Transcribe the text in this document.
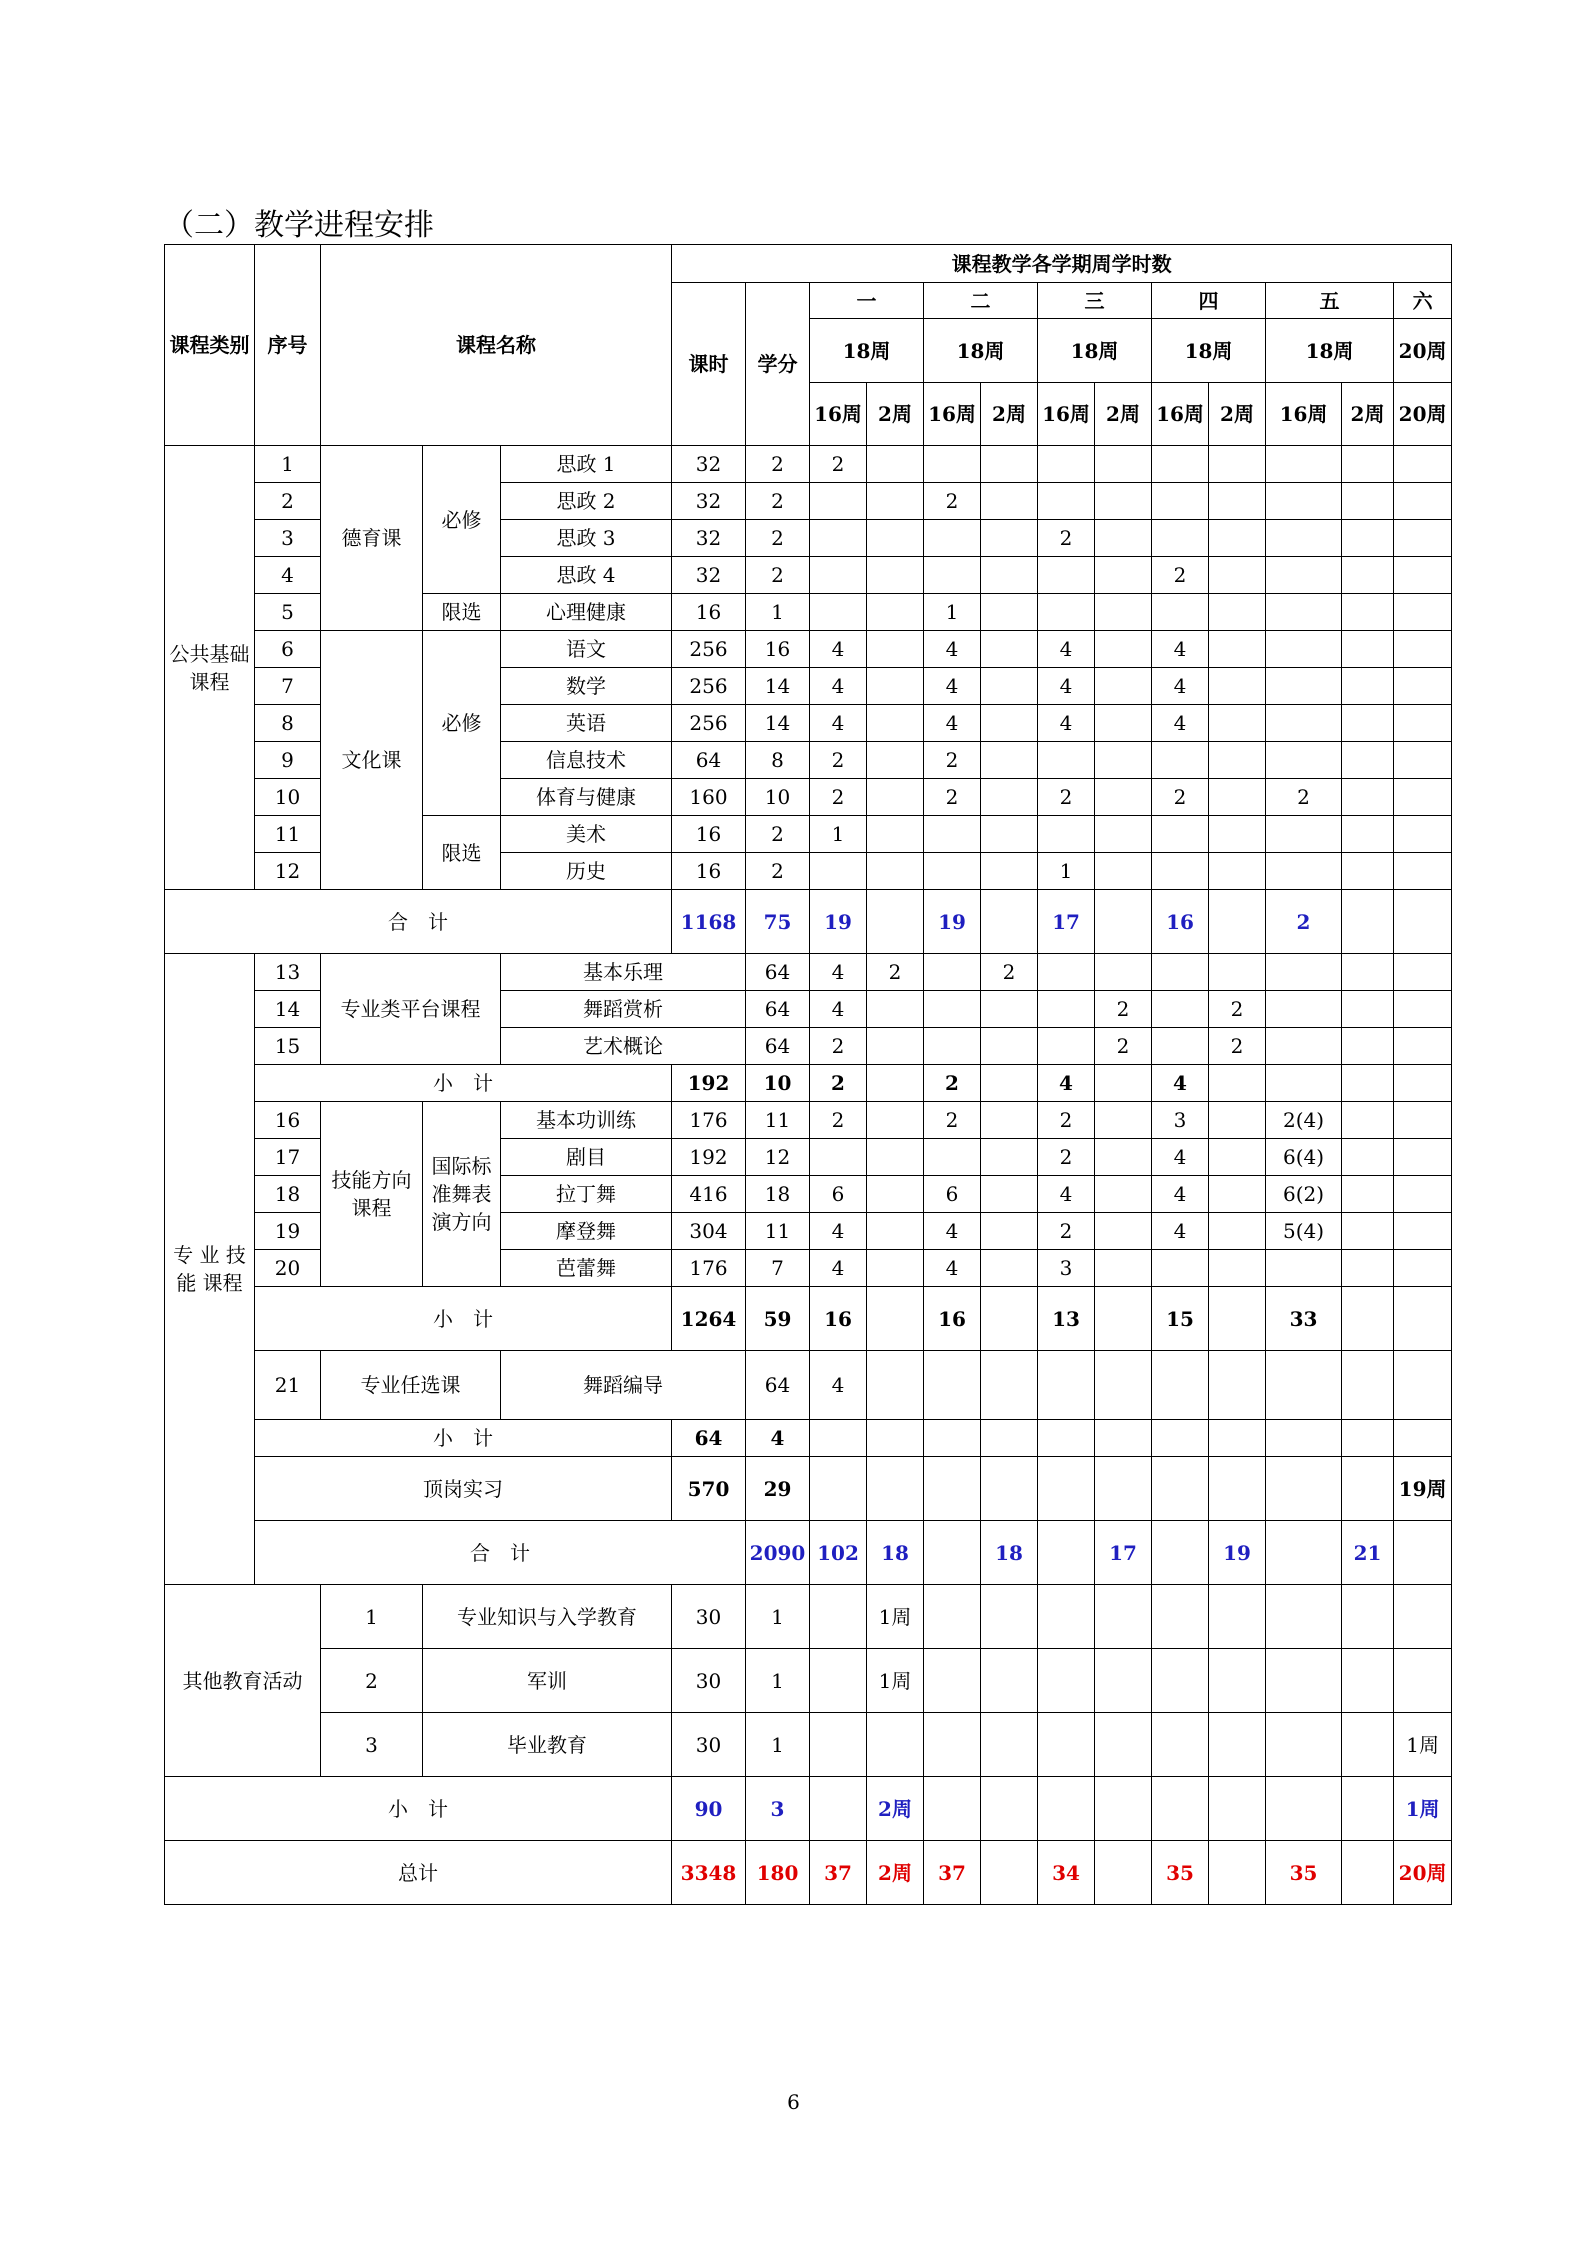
（二）教学进程安排
课程类别	序号	课程名称			课程教学各学期周学时数													
					课时	学分	一		二		三		四		五		六	
							18周		18周		18周		18周		18周		20周	
							16周	2周	16周	2周	16周	2周	16周	2周	16周	2周	20周	
公共基础课程	1	德育课	必修	思政 1	32	2	2											
	2			思政 2	32	2			2									
	3			思政 3	32	2					2							
	4			思政 4	32	2							2					
	5		限选	心理健康	16	1			1									
	6	文化课	必修	语文	256	16	4		4		4		4					
	7			数学	256	14	4		4		4		4					
	8			英语	256	14	4		4		4		4					
	9			信息技术	64	8	2		2									
	10			体育与健康	160	10	2		2		2		2		2			
	11		限选	美术	16	2	1											
	12			历史	16	2					1							
合　计					1168	75	19		19		17		16		2			
专 业 技 能 课程	13	专业类平台课程		基本乐理		64	4	2		2								
	14			舞蹈赏析		64	4					2		2				
	15			艺术概论		64	2					2		2				
	小　计				192	10	2		2		4		4					
	16	技能方向课程	国际标准舞表演方向	基本功训练	176	11	2		2		2		3		2(4)			
	17			剧目	192	12					2		4		6(4)			
	18			拉丁舞	416	18	6		6		4		4		6(2)			
	19			摩登舞	304	11	4		4		2		4		5(4)			
	20			芭蕾舞	176	7	4		4		3							
	小　计				1264	59	16		16		13		15		33			
	21	专业任选课		舞蹈编导		64	4											
	小　计				64	4												
	顶岗实习				570	29											19周	
	合　计					2090	102	18		18		17		19		21		
其他教育活动		1	专业知识与入学教育		30	1		1周										
		2	军训		30	1		1周										
		3	毕业教育		30	1											1周	
小　计					90	3		2周									1周	
总计					3348	180	37	2周	37		34		35		35		20周	
6
